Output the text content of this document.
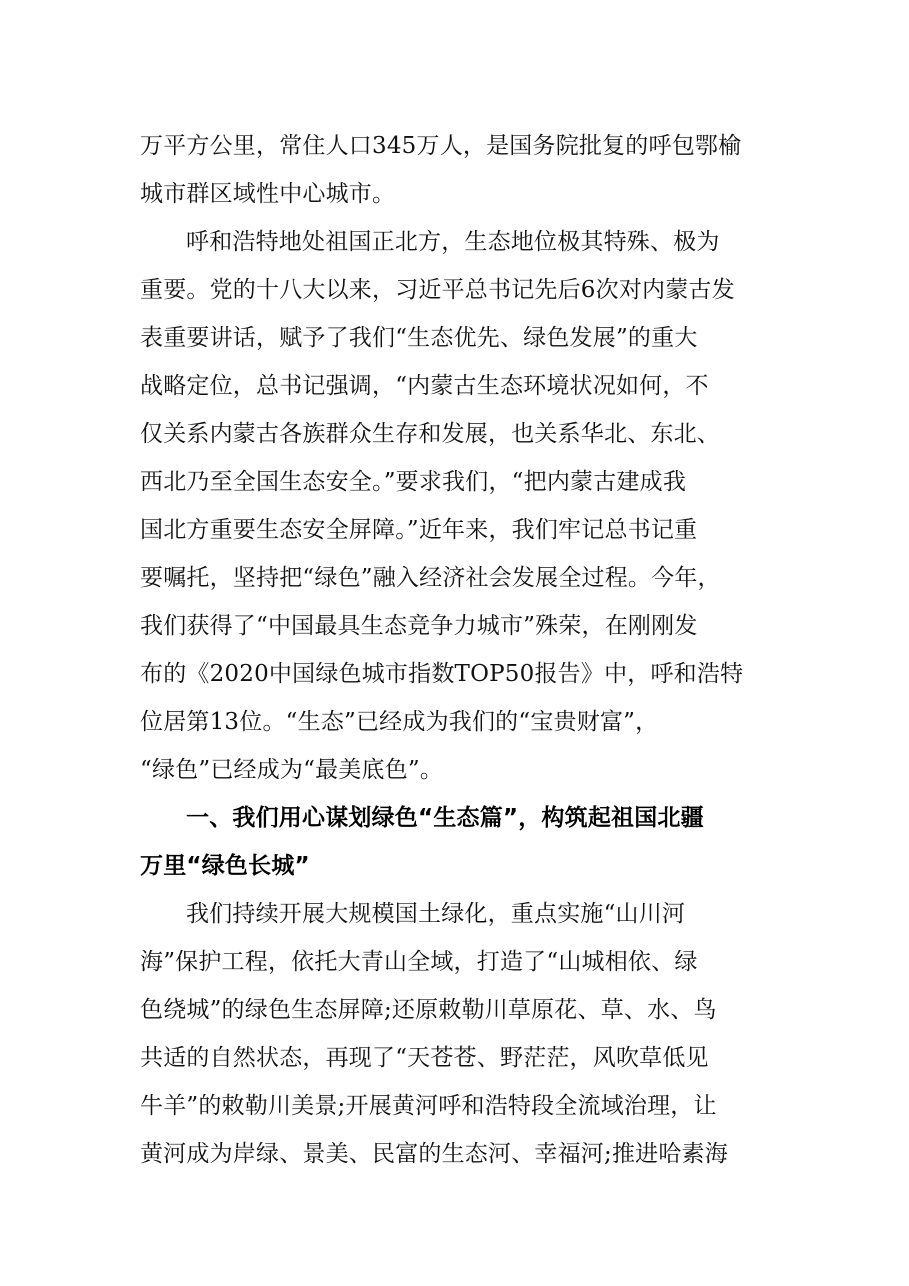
万平方公里，常住人口345万人，是国务院批复的呼包鄂榆
城市群区域性中心城市。
呼和浩特地处祖国正北方，生态地位极其特殊、极为
重要。党的十八大以来，习近平总书记先后6次对内蒙古发
表重要讲话，赋予了我们“生态优先、绿色发展”的重大
战略定位，总书记强调，“内蒙古生态环境状况如何，不
仅关系内蒙古各族群众生存和发展，也关系华北、东北、
西北乃至全国生态安全。”要求我们，“把内蒙古建成我
国北方重要生态安全屏障。”近年来，我们牢记总书记重
要嘱托，坚持把“绿色”融入经济社会发展全过程。今年，
我们获得了“中国最具生态竞争力城市”殊荣，在刚刚发
布的《2020中国绿色城市指数TOP50报告》中，呼和浩特
位居第13位。“生态”已经成为我们的“宝贵财富”，
“绿色”已经成为“最美底色”。
一、我们用心谋划绿色“生态篇”，构筑起祖国北疆
万里“绿色长城”
我们持续开展大规模国土绿化，重点实施“山川河
海”保护工程，依托大青山全域，打造了“山城相依、绿
色绕城”的绿色生态屏障;还原敕勒川草原花、草、水、鸟
共适的自然状态，再现了“天苍苍、野茫茫，风吹草低见
牛羊”的敕勒川美景;开展黄河呼和浩特段全流域治理，让
黄河成为岸绿、景美、民富的生态河、幸福河;推进哈素海
